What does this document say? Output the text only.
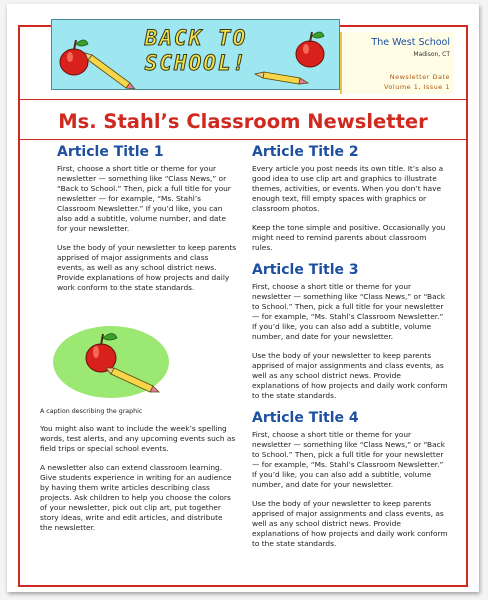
BACK TO SCHOOL!
The West School
Madison, CT
Newsletter Date
Volume 1, Issue 1
Ms. Stahl’s Classroom Newsletter
Article Title 1
First, choose a short title or theme for your newsletter — something like “Class News,” or “Back to School.” Then, pick a full title for your newsletter — for example, “Ms. Stahl’s Classroom Newsletter.” If you’d like, you can also add a subtitle, volume number, and date for your newsletter.
Use the body of your newsletter to keep parents apprised of major assignments and class events, as well as any school district news. Provide explanations of how projects and daily work conform to the state standards.
A caption describing the graphic
You might also want to include the week’s spelling words, test alerts, and any upcoming events such as field trips or special school events.
A newsletter also can extend classroom learning. Give students experience in writing for an audience by having them write articles describing class projects. Ask children to help you choose the colors of your newsletter, pick out clip art, put together story ideas, write and edit articles, and distribute the newsletter.
Article Title 2
Every article you post needs its own title. It’s also a good idea to use clip art and graphics to illustrate themes, activities, or events. When you don’t have enough text, fill empty spaces with graphics or classroom photos.
Keep the tone simple and positive. Occasionally you might need to remind parents about classroom rules.
Article Title 3
First, choose a short title or theme for your newsletter — something like “Class News,” or “Back to School.” Then, pick a full title for your newsletter — for example, “Ms. Stahl’s Classroom Newsletter.” If you’d like, you can also add a subtitle, volume number, and date for your newsletter.
Use the body of your newsletter to keep parents apprised of major assignments and class events, as well as any school district news. Provide explanations of how projects and daily work conform to the state standards.
Article Title 4
First, choose a short title or theme for your newsletter — something like “Class News,” or “Back to School.” Then, pick a full title for your newsletter — for example, “Ms. Stahl’s Classroom Newsletter.” If you’d like, you can also add a subtitle, volume number, and date for your newsletter.
Use the body of your newsletter to keep parents apprised of major assignments and class events, as well as any school district news. Provide explanations of how projects and daily work conform to the state standards.
